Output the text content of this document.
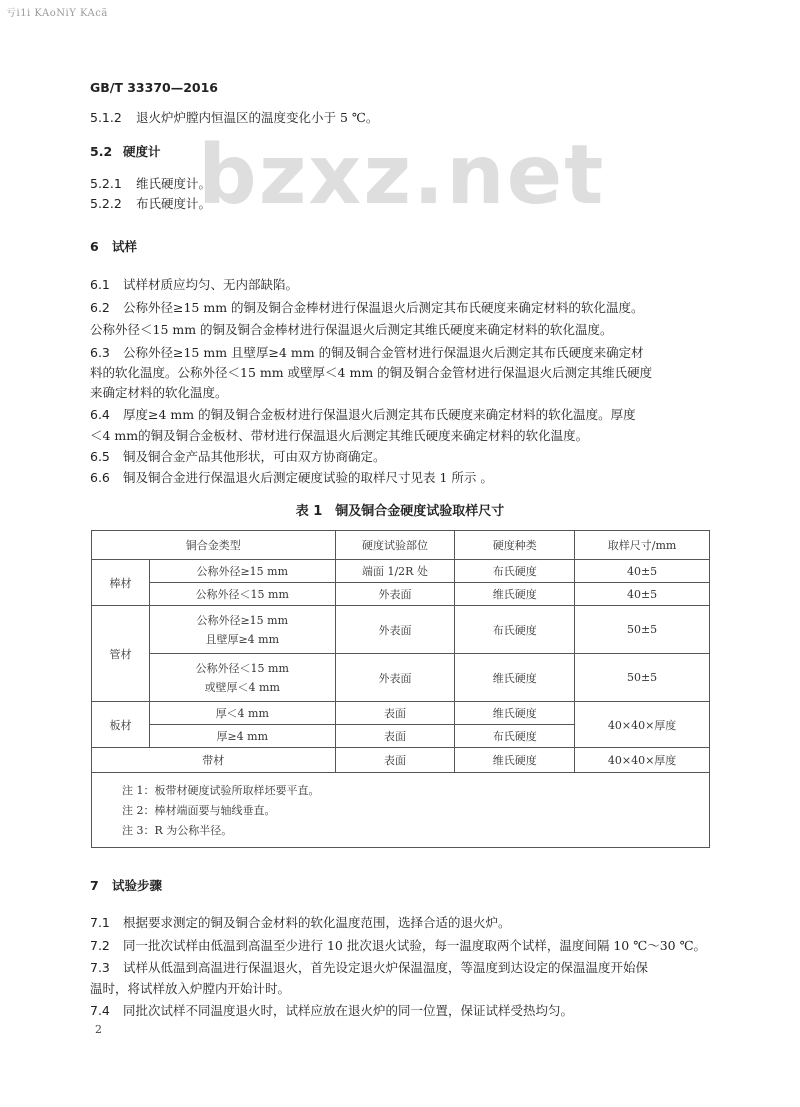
亏i1i KAoNiY KAcã
bzxz.net
GB/T 33370—2016
5.1.2 退火炉炉膛内恒温区的温度变化小于 5 ℃。
5.2 硬度计
5.2.1 维氏硬度计。
5.2.2 布氏硬度计。
6 试样
6.1 试样材质应均匀、无内部缺陷。
6.2 公称外径≥15 mm 的铜及铜合金棒材进行保温退火后测定其布氏硬度来确定材料的软化温度。
公称外径＜15 mm 的铜及铜合金棒材进行保温退火后测定其维氏硬度来确定材料的软化温度。
6.3 公称外径≥15 mm 且壁厚≥4 mm 的铜及铜合金管材进行保温退火后测定其布氏硬度来确定材
料的软化温度。公称外径＜15 mm 或壁厚＜4 mm 的铜及铜合金管材进行保温退火后测定其维氏硬度
来确定材料的软化温度。
6.4 厚度≥4 mm 的铜及铜合金板材进行保温退火后测定其布氏硬度来确定材料的软化温度。厚度
＜4 mm的铜及铜合金板材、带材进行保温退火后测定其维氏硬度来确定材料的软化温度。
6.5 铜及铜合金产品其他形状，可由双方协商确定。
6.6 铜及铜合金进行保温退火后测定硬度试验的取样尺寸见表 1 所示 。
表 1　铜及铜合金硬度试验取样尺寸
铜合金类型		硬度试验部位	硬度种类	取样尺寸/mm
棒材	公称外径≥15 mm	端面 1/2R 处	布氏硬度	40±5
	公称外径＜15 mm	外表面	维氏硬度	40±5
管材	公称外径≥15 mm
且壁厚≥4 mm	外表面	布氏硬度	50±5

	公称外径＜15 mm
或壁厚＜4 mm	外表面	维氏硬度	50±5
板材	厚＜4 mm	表面	维氏硬度	40×40×厚度
	厚≥4 mm	表面	布氏硬度	
带材		表面	维氏硬度	40×40×厚度

注 1：板带材硬度试验所取样坯要平直。
注 2：棒材端面要与轴线垂直。
注 3：R 为公称半径。				
7 试验步骤
7.1 根据要求测定的铜及铜合金材料的软化温度范围，选择合适的退火炉。
7.2 同一批次试样由低温到高温至少进行 10 批次退火试验，每一温度取两个试样，温度间隔 10 ℃～30 ℃。
7.3 试样从低温到高温进行保温退火，首先设定退火炉保温温度，等温度到达设定的保温温度开始保
温时，将试样放入炉膛内开始计时。
7.4 同批次试样不同温度退火时，试样应放在退火炉的同一位置，保证试样受热均匀。
2
